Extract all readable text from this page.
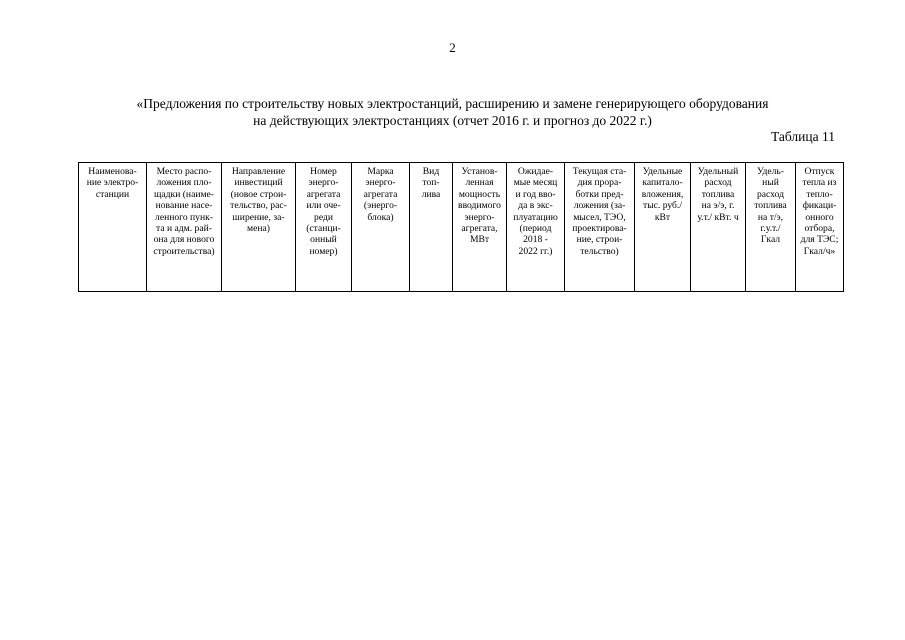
2
«Предложения по строительству новых электростанций, расширению и замене генерирующего оборудования
на действующих электростанциях (отчет 2016 г. и прогноз до 2022 г.)
Таблица 11
Наименова-
ние электро-
станции	Место распо-
ложения пло-
щадки (наиме-
нование насе-
ленного пунк-
та и адм. рай-
она для нового
строительства)	Направление
инвестиций
(новое строи-
тельство, рас-
ширение, за-
мена)	Номер
энерго-
агрегата
или оче-
реди
(станци-
онный
номер)	Марка
энерго-
агрегата
(энерго-
блока)	Вид
топ-
лива	Установ-
ленная
мощность
вводимого
энерго-
агрегата,
МВт	Ожидае-
мые месяц
и год вво-
да в экс-
плуатацию
(период
2018 -
2022 гг.)	Текущая ста-
дия прора-
ботки пред-
ложения (за-
мысел, ТЭО,
проектирова-
ние, строи-
тельство)	Удельные
капитало-
вложения,
тыс. руб./
кВт	Удельный
расход
топлива
на э/э, г.
у.т./ кВт. ч	Удель-
ный
расход
топлива
на т/э,
г.у.т./
Гкал	Отпуск
тепла из
тепло-
фикаци-
онного
отбора,
для ТЭС;
Гкал/ч»
